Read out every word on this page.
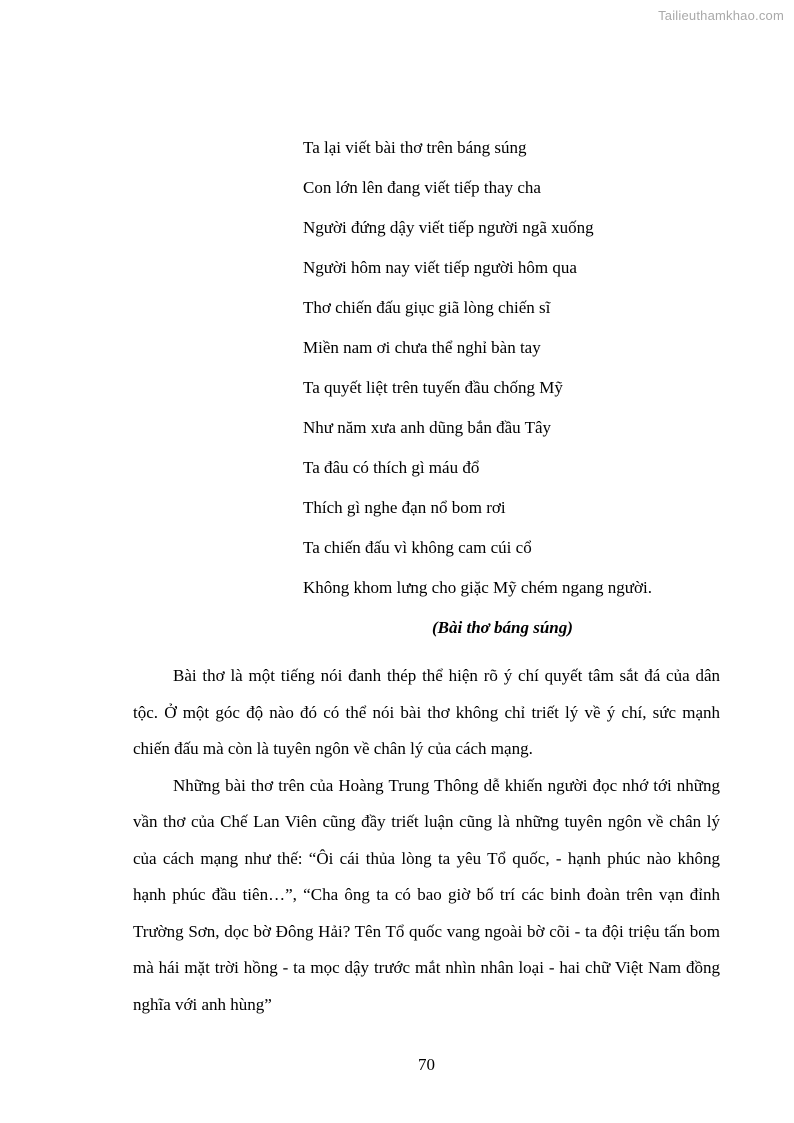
Tailieuthamkhao.com
Ta lại viết bài thơ trên báng súng
Con lớn lên đang viết tiếp thay cha
Người đứng dậy viết tiếp người ngã xuống
Người hôm nay viết tiếp người hôm qua
Thơ chiến đấu giục giã lòng chiến sĩ
Miền nam ơi chưa thể nghỉ bàn tay
Ta quyết liệt trên tuyến đầu chống Mỹ
Như năm xưa anh dũng bắn đầu Tây
Ta đâu có thích gì máu đổ
Thích gì nghe đạn nổ bom rơi
Ta chiến đấu vì không cam cúi cổ
Không khom lưng cho giặc Mỹ chém ngang người.
(Bài thơ báng súng)

Bài thơ là một tiếng nói đanh thép thể hiện rõ ý chí quyết tâm sắt đá của dân tộc. Ở một góc độ nào đó có thể nói bài thơ không chỉ triết lý về ý chí, sức mạnh chiến đấu mà còn là tuyên ngôn về chân lý của cách mạng.

Những bài thơ trên của Hoàng Trung Thông dễ khiến người đọc nhớ tới những vần thơ của Chế Lan Viên cũng đầy triết luận cũng là những tuyên ngôn về chân lý của cách mạng như thế: “Ôi cái thủa lòng ta yêu Tổ quốc, - hạnh phúc nào không hạnh phúc đầu tiên…”, “Cha ông ta có bao giờ bố trí các binh đoàn trên vạn đỉnh Trường Sơn, dọc bờ Đông Hải? Tên Tổ quốc vang ngoài bờ cõi - ta đội triệu tấn bom mà hái mặt trời hồng - ta mọc dậy trước mắt nhìn nhân loại - hai chữ Việt Nam đồng nghĩa với anh hùng”

70
